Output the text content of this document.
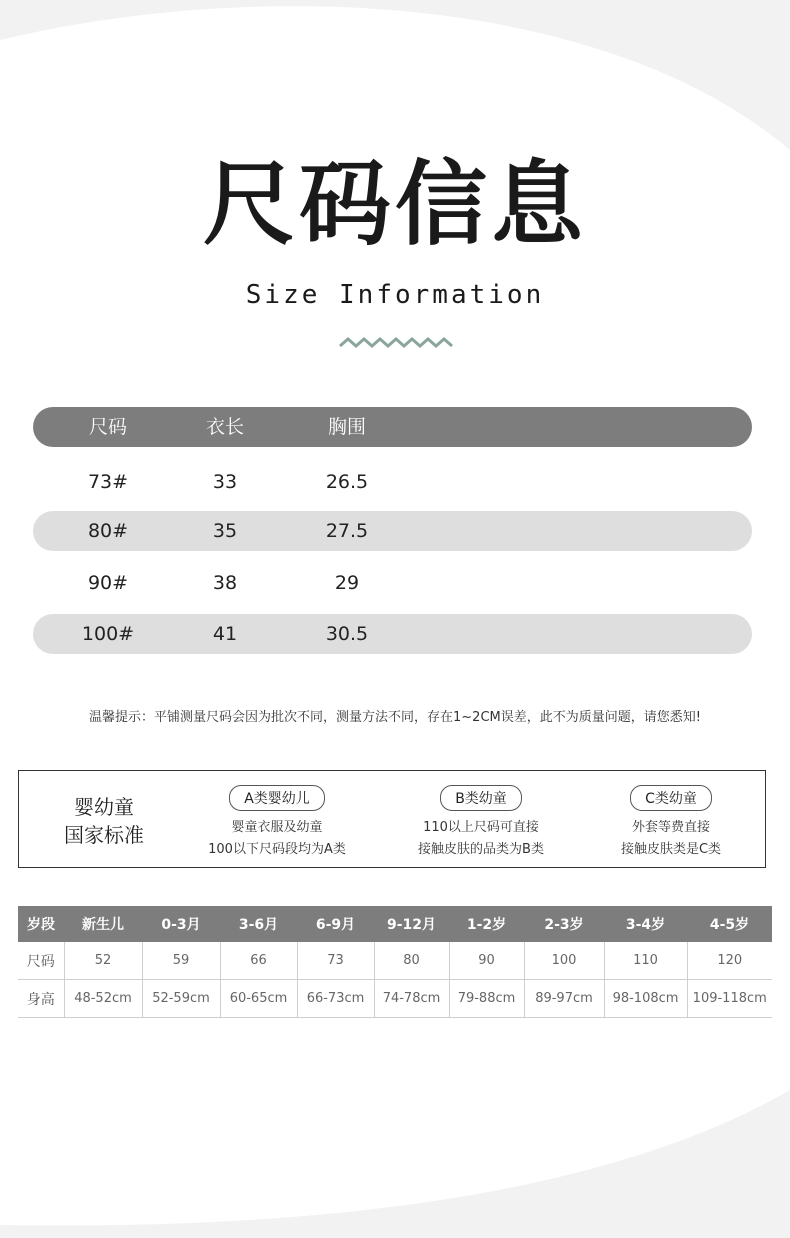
尺码信息
Size Information
尺码	衣长	胸围
73#	33	26.5
80#	35	27.5
90#	38	29
100#	41	30.5
温馨提示：平铺测量尺码会因为批次不同，测量方法不同，存在1~2CM误差，此不为质量问题，请您悉知!
婴幼童
国家标准
A类婴幼儿
婴童衣服及幼童
100以下尺码段均为A类
B类幼童
110以上尺码可直接
接触皮肤的品类为B类
C类幼童
外套等费直接
接触皮肤类是C类
岁段	新生儿	0-3月	3-6月	6-9月	9-12月	1-2岁	2-3岁	3-4岁	4-5岁
尺码	52	59	66	73	80	90	100	110	120
身高	48-52cm	52-59cm	60-65cm	66-73cm	74-78cm	79-88cm	89-97cm	98-108cm	109-118cm
